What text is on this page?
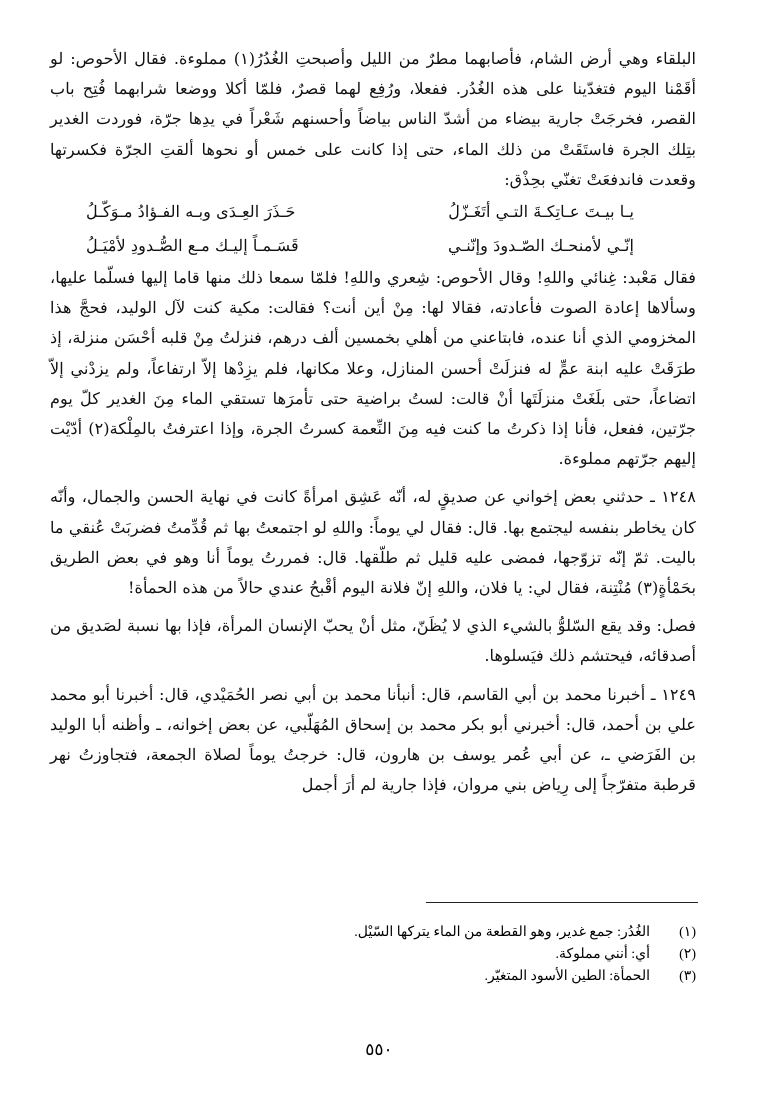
البلقاء وهي أرض الشام، فأصابهما مطرٌ من الليل وأصبحتِ الغُدُرُ(١) مملوءة. فقال الأحوص: لو أقَمْنا اليوم فتغدّينا على هذه الغُدُر. ففعلا، ورُفِع لهما قصرٌ، فلمّا أكلا ووضعا شرابهما فُتِح باب القصر، فخرجَتْ جارية بيضاء من أشدّ الناس بياضاً وأحسنهم شَعْراً في يدِها جرّة، فوردت الغدير بتِلك الجرة فاستَقَتْ من ذلك الماء، حتى إذا كانت على خمس أو نحوها ألقتِ الجرّة فكسرتها وقعدت فاندفعَتْ تغنّي بحِذْق:

يـا بيـتَ عـاتِكـةَ التـي أتَغَـزّلُ
حَـذَرَ العِـدَى وبـه الفـؤادُ مـوَكّـلُ
إنّـي لأمنحـك الصّـدودَ وإنّنـي
قَسَـمـاً إليـك مـع الصُّـدودِ لأمْيَـلُ

فقال مَعْبد: غِنائي واللهِ! وقال الأحوص: شِعري واللهِ! فلمّا سمعا ذلك منها قاما إليها فسلّما عليها، وسألاها إعادة الصوت فأعادته، فقالا لها: مِنْ أين أنت؟ فقالت: مكية كنت لآل الوليد، فحجَّ هذا المخزومي الذي أنا عنده، فابتاعني من أهلي بخمسين ألف درهم، فنزلتُ مِنْ قلبه أحْسَن منزلة، إذ طرَقَتْ عليه ابنة عمٍّ له فنزلَتْ أحسن المنازل، وعلا مكانها، فلم يزِدْها إلاّ ارتفاعاً، ولم يزدْني إلاّ اتضاعاً، حتى بلَغَتْ منزلَتَها أنْ قالت: لستُ براضية حتى تأمرَها تستقي الماء مِنَ الغدير كلّ يوم جرّتين، ففعل، فأنا إذا ذكرتُ ما كنت فيه مِنَ النِّعمة كسرتُ الجرة، وإذا اعترفتُ بالمِلْكة(٢) أدّيْت إليهم جرّتهم مملوءة.

١٢٤٨ ـ حدثني بعض إخواني عن صديقٍ له، أنّه عَشِق امرأةً كانت في نهاية الحسن والجمال، وأنّه كان يخاطر بنفسه ليجتمع بها. قال: فقال لي يوماً: واللهِ لو اجتمعتُ بها ثم قُدِّمتُ فضربَتْ عُنقي ما باليت. ثمّ إنّه تزوّجها، فمضى عليه قليل ثم طلّقها. قال: فمررتُ يوماً أنا وهو في بعض الطريق بحَمْأةٍ(٣) مُنْتِنة، فقال لي: يا فلان، واللهِ إنّ فلانة اليوم أقْبحُ عندي حالاً من هذه الحمأة!

فصل: وقد يقع السّلوُّ بالشيء الذي لا يُظَنّ، مثل أنْ يحبّ الإنسان المرأة، فإذا بها نسبة لصَديق من أصدقائه، فيحتشم ذلك فيَسلوها.

١٢٤٩ ـ أخبرنا محمد بن أبي القاسم، قال: أنبأنا محمد بن أبي نصر الحُمَيْدي، قال: أخبرنا أبو محمد علي بن أحمد، قال: أخبرني أبو بكر محمد بن إسحاق المُهَلّبي، عن بعض إخوانه، ـ وأظنه أبا الوليد بن الفَرَضي ـ، عن أبي عُمر يوسف بن هارون، قال: خرجتُ يوماً لصلاة الجمعة، فتجاوزتُ نهر قرطبة متفرّجاً إلى رِياض بني مروان، فإذا جارية لم أرَ أجمل

(١)
الغُدُر: جمع غدير، وهو القطعة من الماء يتركها السّيْل.
(٢)
أي: أنني مملوكة.
(٣)
الحمأة: الطين الأسود المتغيّر.
٥٥٠
